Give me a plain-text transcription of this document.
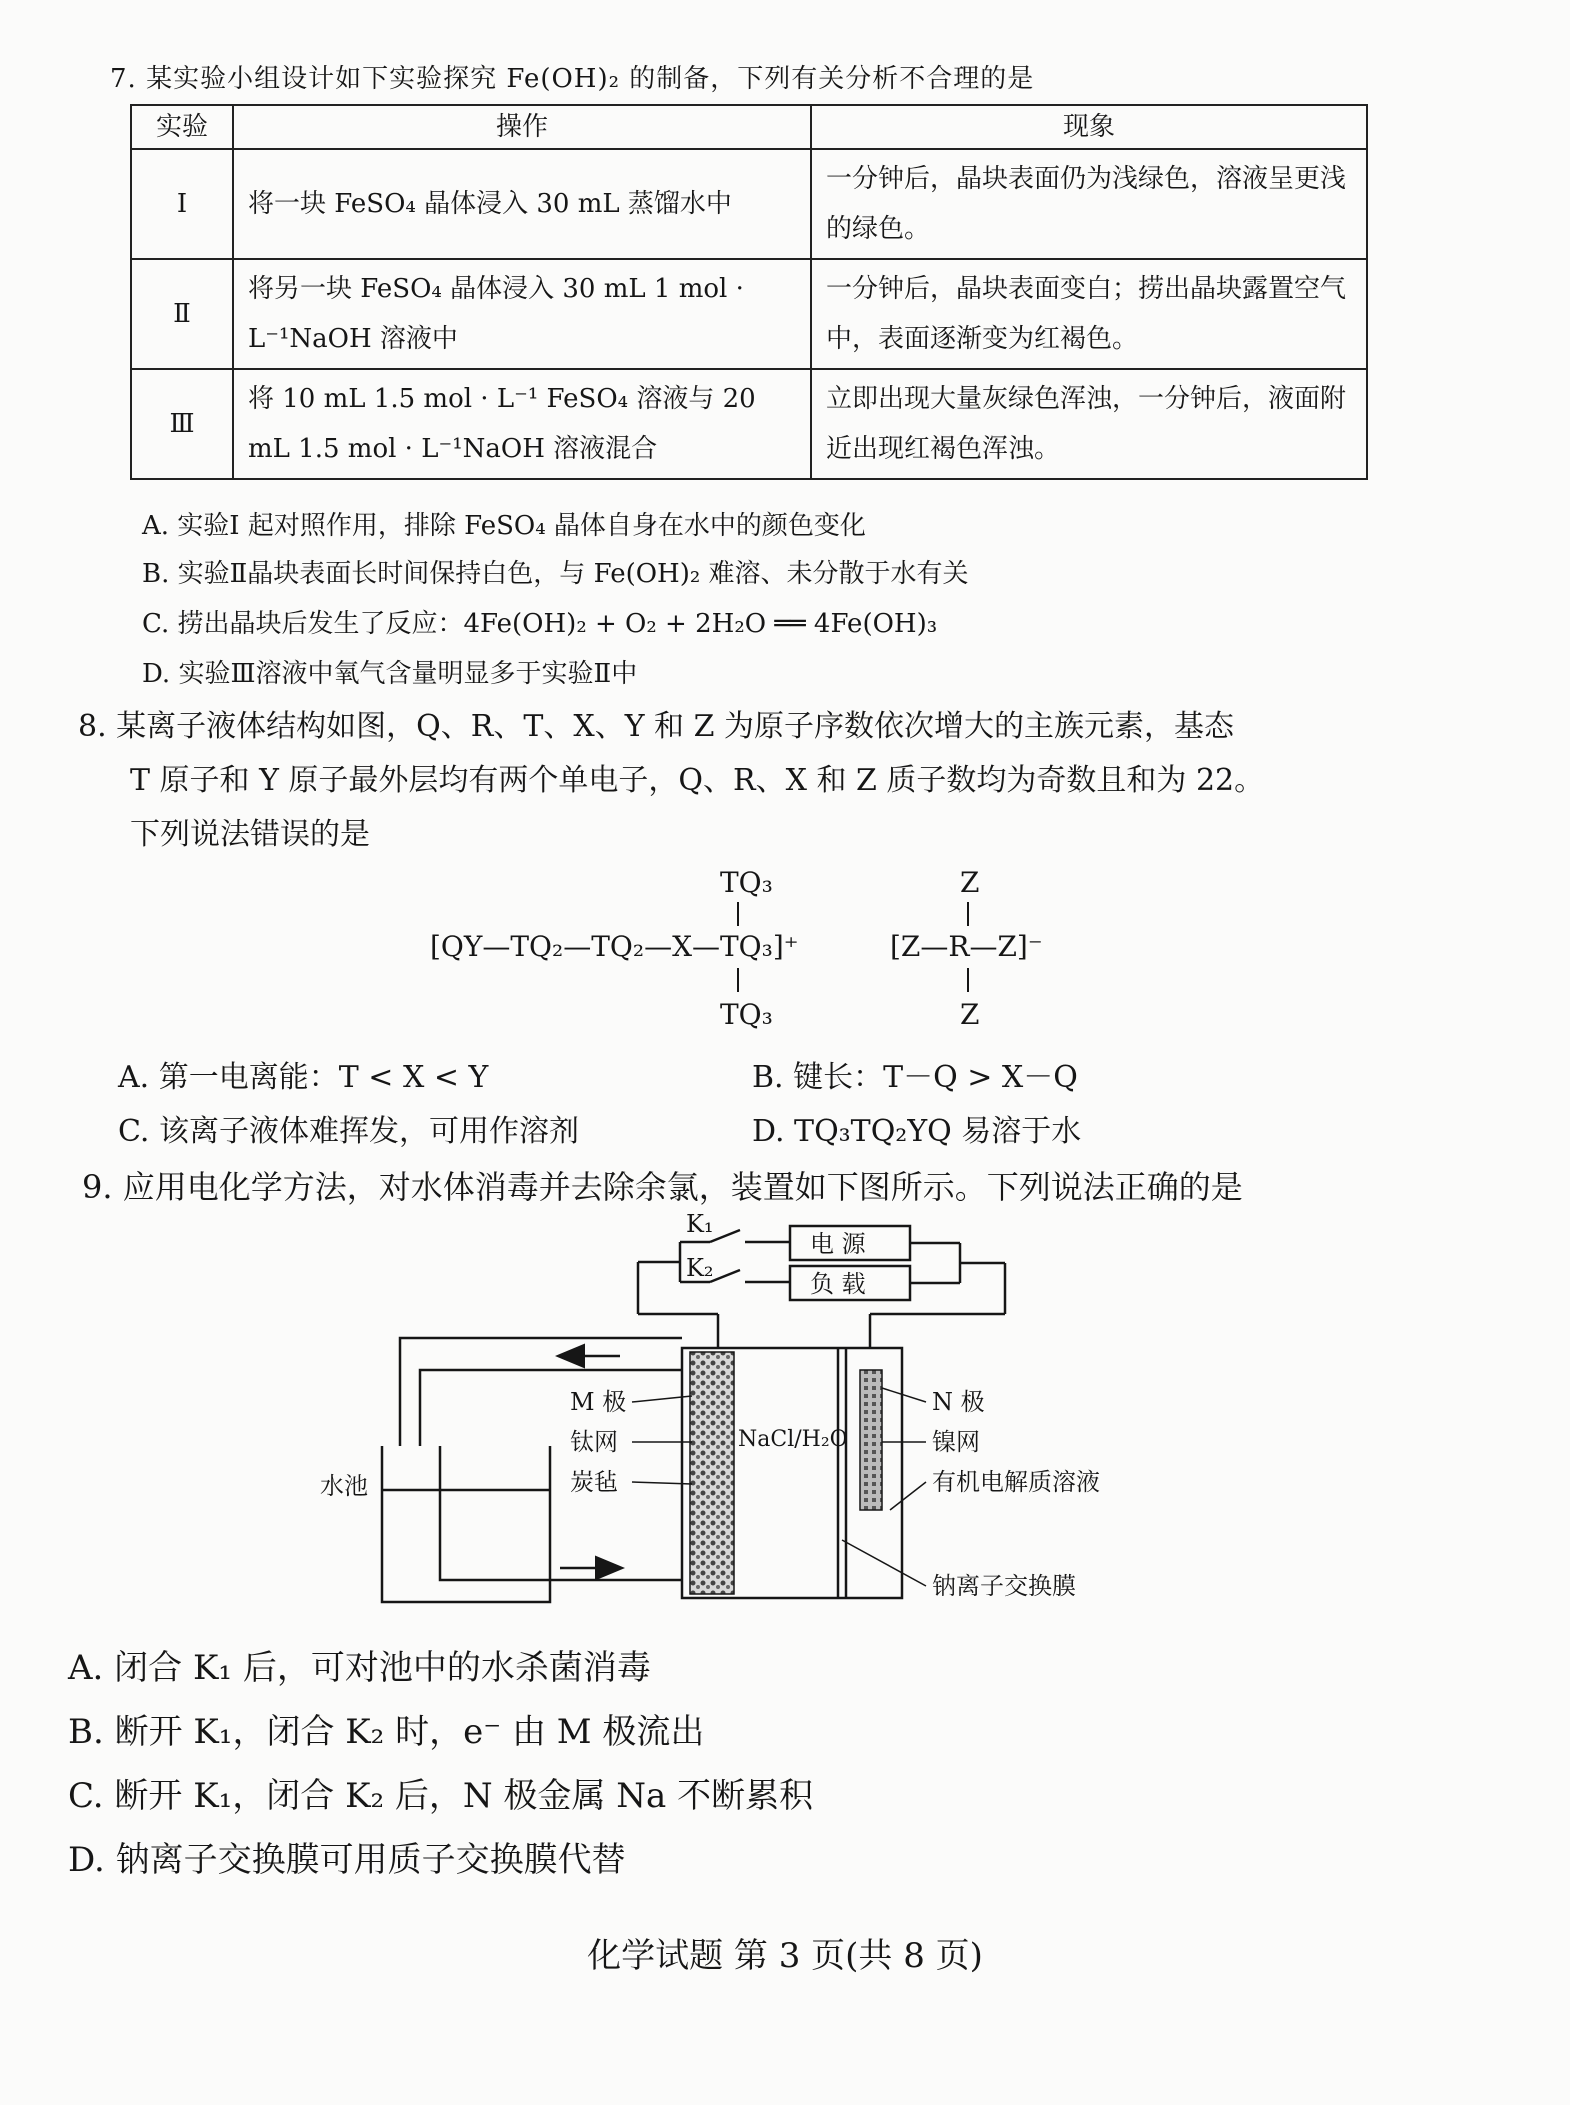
7. 某实验小组设计如下实验探究 Fe(OH)₂ 的制备，下列有关分析不合理的是
实验	操作	现象
Ⅰ	将一块 FeSO₄ 晶体浸入 30 mL 蒸馏水中	一分钟后，晶块表面仍为浅绿色，溶液呈更浅的绿色。
Ⅱ	将另一块 FeSO₄ 晶体浸入 30 mL 1 mol · L⁻¹NaOH 溶液中	一分钟后，晶块表面变白；捞出晶块露置空气中，表面逐渐变为红褐色。
Ⅲ	将 10 mL 1.5 mol · L⁻¹ FeSO₄ 溶液与 20 mL 1.5 mol · L⁻¹NaOH 溶液混合	立即出现大量灰绿色浑浊，一分钟后，液面附近出现红褐色浑浊。
A. 实验Ⅰ 起对照作用，排除 FeSO₄ 晶体自身在水中的颜色变化
B. 实验Ⅱ晶块表面长时间保持白色，与 Fe(OH)₂ 难溶、未分散于水有关
C. 捞出晶块后发生了反应：4Fe(OH)₂ + O₂ + 2H₂O ══ 4Fe(OH)₃
D. 实验Ⅲ溶液中氧气含量明显多于实验Ⅱ中
8. 某离子液体结构如图，Q、R、T、X、Y 和 Z 为原子序数依次增大的主族元素，基态
T 原子和 Y 原子最外层均有两个单电子，Q、R、X 和 Z 质子数均为奇数且和为 22。
下列说法错误的是
TQ₃
[QY—TQ₂—TQ₂—X—TQ₃]⁺
TQ₃
Z
[Z—R—Z]⁻
Z
A. 第一电离能：T < X < Y	B. 键长：T－Q > X－Q
C. 该离子液体难挥发，可用作溶剂	D. TQ₃TQ₂YQ 易溶于水
9. 应用电化学方法，对水体消毒并去除余氯，装置如下图所示。下列说法正确的是
K₁
K₂
电 源
负 载
M 极
钛网
炭毡
水池
NaCl/H₂O
N 极
镍网
有机电解质溶液
钠离子交换膜
A. 闭合 K₁ 后，可对池中的水杀菌消毒
B. 断开 K₁，闭合 K₂ 时，e⁻ 由 M 极流出
C. 断开 K₁，闭合 K₂ 后，N 极金属 Na 不断累积
D. 钠离子交换膜可用质子交换膜代替
化学试题 第 3 页(共 8 页)
